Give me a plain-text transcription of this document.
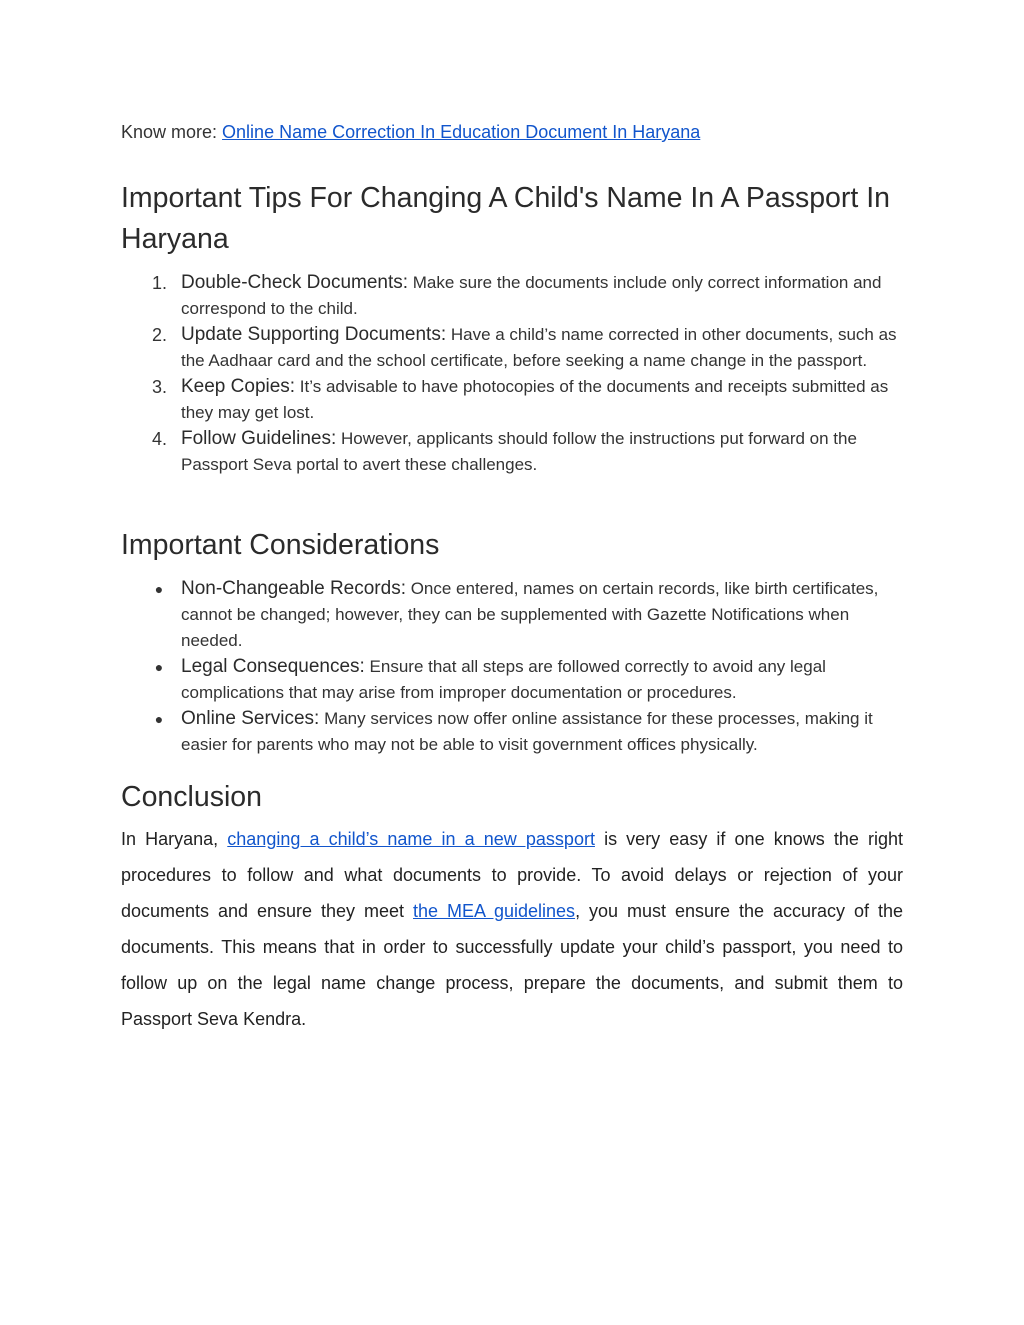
Know more: Online Name Correction In Education Document In Haryana
Important Tips For Changing A Child's Name In A Passport In Haryana
1. Double-Check Documents: Make sure the documents include only correct information and correspond to the child.
2. Update Supporting Documents: Have a child’s name corrected in other documents, such as the Aadhaar card and the school certificate, before seeking a name change in the passport.
3. Keep Copies: It’s advisable to have photocopies of the documents and receipts submitted as they may get lost.
4. Follow Guidelines: However, applicants should follow the instructions put forward on the Passport Seva portal to avert these challenges.
Important Considerations
● Non-Changeable Records: Once entered, names on certain records, like birth certificates, cannot be changed; however, they can be supplemented with Gazette Notifications when needed.
● Legal Consequences: Ensure that all steps are followed correctly to avoid any legal complications that may arise from improper documentation or procedures.
● Online Services: Many services now offer online assistance for these processes, making it easier for parents who may not be able to visit government offices physically.
Conclusion

In Haryana, changing a child’s name in a new passport is very easy if one knows the right procedures to follow and what documents to provide. To avoid delays or rejection of your documents and ensure they meet the MEA guidelines, you must ensure the accuracy of the documents. This means that in order to successfully update your child’s passport, you need to follow up on the legal name change process, prepare the documents, and submit them to Passport Seva Kendra.
